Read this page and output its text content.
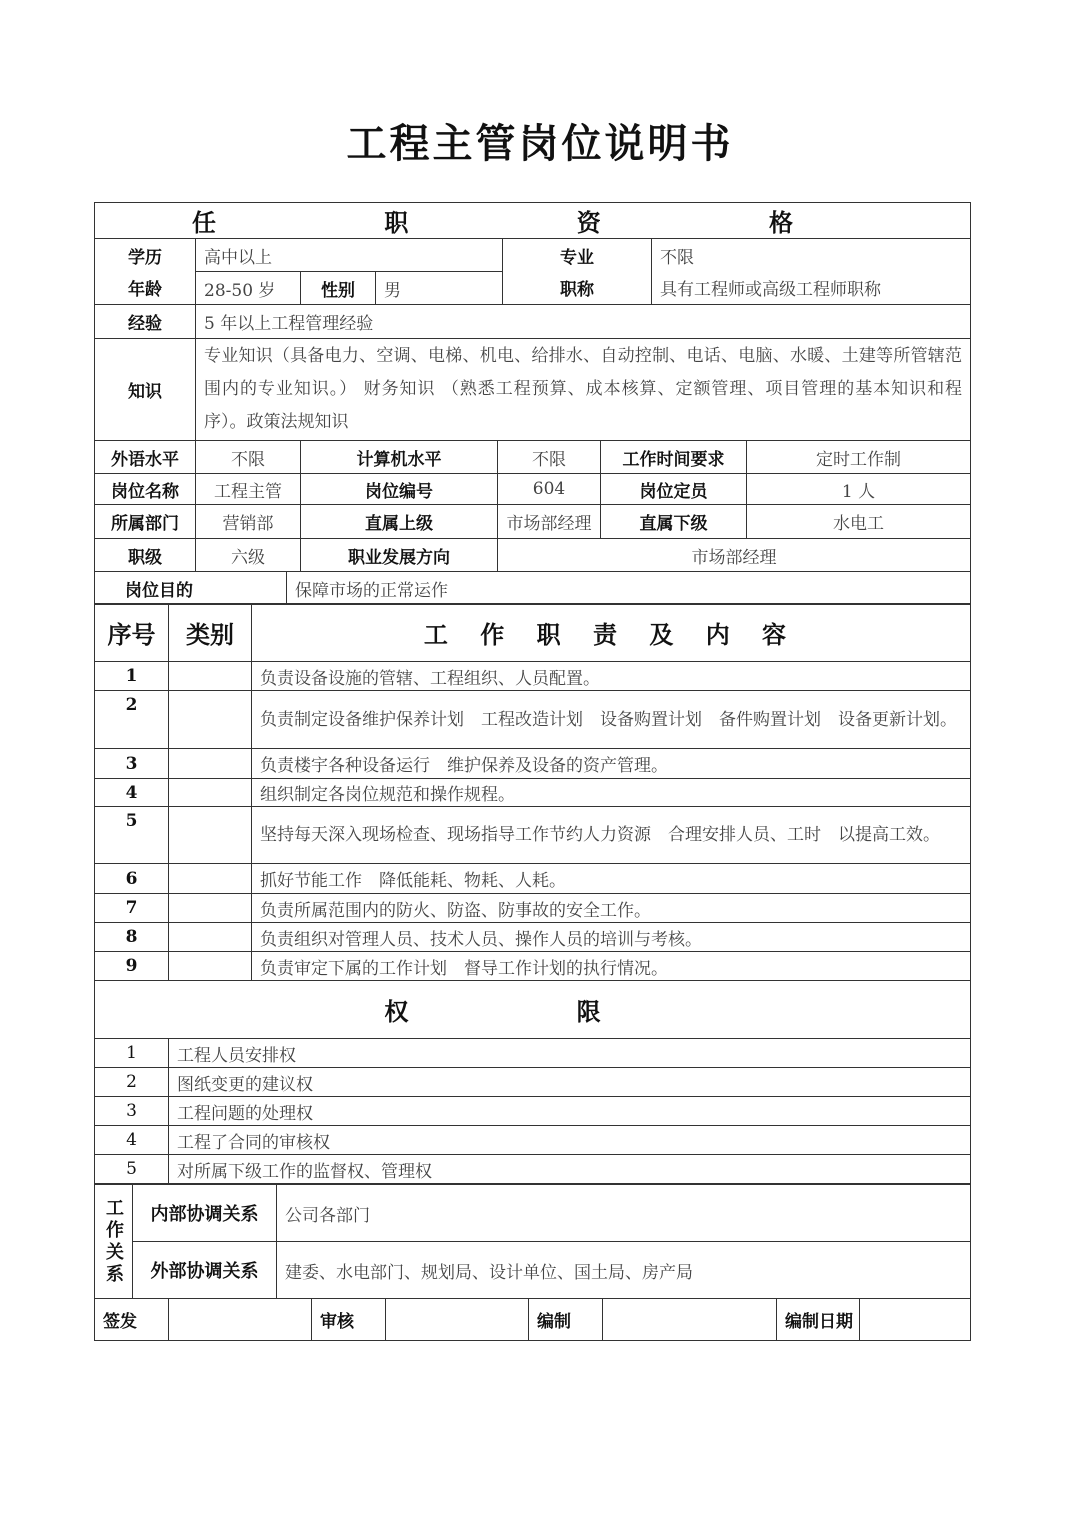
工程主管岗位说明书
任 职 资 格									
学历	高中以上					专业		不限	
年龄	28-50 岁		性别	男		职称		具有工程师或高级工程师职称	
经验	5 年以上工程管理经验								
知识	专业知识（具备电力、空调、电梯、机电、给排水、自动控制、电话、电脑、水暖、土建等所管辖范围内的专业知识。） 财务知识 （熟悉工程预算、成本核算、定额管理、项目管理的基本知识和程序）。政策法规知识								
外语水平	不限		计算机水平		不限		工作时间要求		定时工作制
岗位名称	工程主管		岗位编号		604		岗位定员		1 人
所属部门	营销部		直属上级		市场部经理		直属下级		水电工
职级	六级		职业发展方向		市场部经理				
岗位目的		保障市场的正常运作							
序号	类别	工 作 职 责 及 内 容
1		负责设备设施的管辖、工程组织、人员配置。
2		负责制定设备维护保养计划　工程改造计划　设备购置计划　备件购置计划　设备更新计划。
3		负责楼宇各种设备运行　维护保养及设备的资产管理。
4		组织制定各岗位规范和操作规程。
5		坚持每天深入现场检查、现场指导工作节约人力资源　合理安排人员、工时　以提高工效。
6		抓好节能工作　降低能耗、物耗、人耗。
7		负责所属范围内的防火、防盗、防事故的安全工作。
8		负责组织对管理人员、技术人员、操作人员的培训与考核。
9		负责审定下属的工作计划　督导工作计划的执行情况。
权 限	
1	工程人员安排权
2	图纸变更的建议权
3	工程问题的处理权
4	工程了合同的审核权
5	对所属下级工作的监督权、管理权
工作关系	内部协调关系	公司各部门
	外部协调关系	建委、水电部门、规划局、设计单位、国土局、房产局
签发		审核		编制		编制日期	
